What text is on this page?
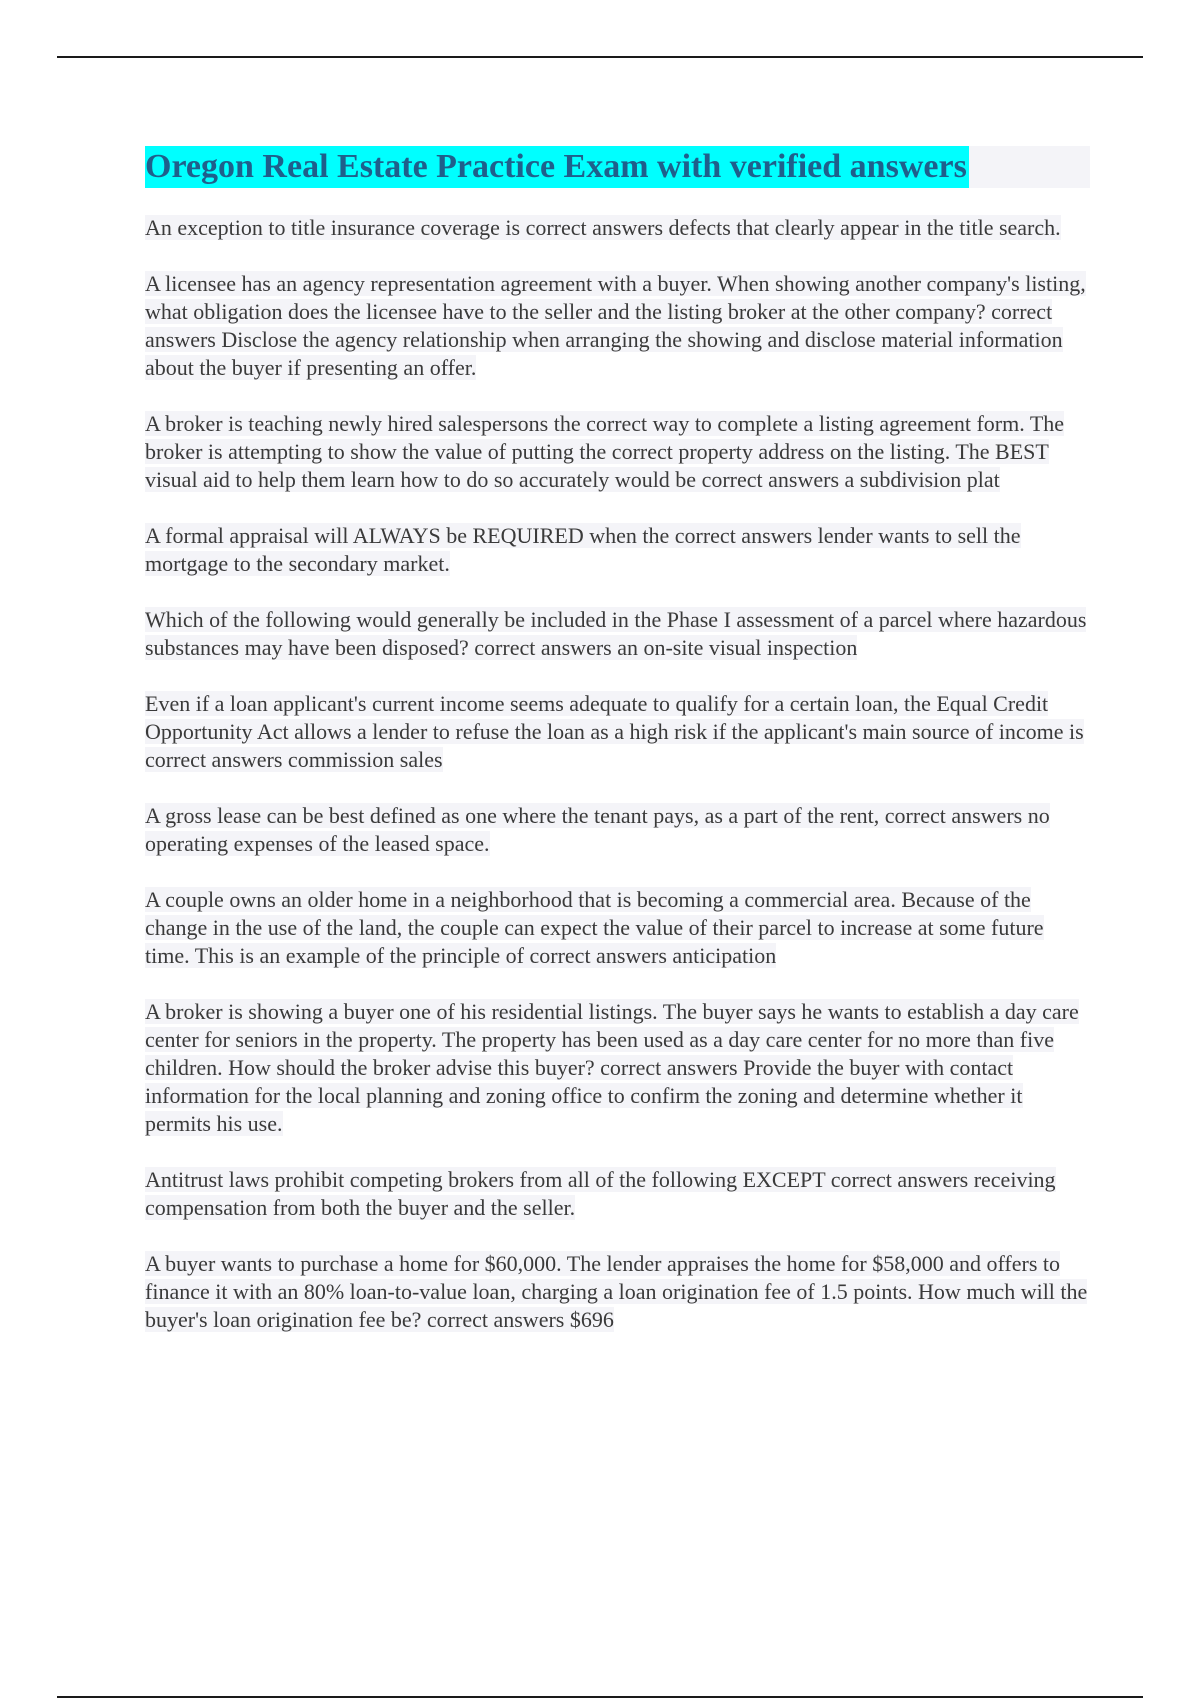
Oregon Real Estate Practice Exam with verified answers

An exception to title insurance coverage is correct answers defects that clearly appear in the title search.

A licensee has an agency representation agreement with a buyer. When showing another company's listing, what obligation does the licensee have to the seller and the listing broker at the other company? correct answers Disclose the agency relationship when arranging the showing and disclose material information about the buyer if presenting an offer.

A broker is teaching newly hired salespersons the correct way to complete a listing agreement form. The broker is attempting to show the value of putting the correct property address on the listing. The BEST visual aid to help them learn how to do so accurately would be correct answers a subdivision plat

A formal appraisal will ALWAYS be REQUIRED when the correct answers lender wants to sell the mortgage to the secondary market.

Which of the following would generally be included in the Phase I assessment of a parcel where hazardous substances may have been disposed? correct answers an on-site visual inspection

Even if a loan applicant's current income seems adequate to qualify for a certain loan, the Equal Credit Opportunity Act allows a lender to refuse the loan as a high risk if the applicant's main source of income is correct answers commission sales

A gross lease can be best defined as one where the tenant pays, as a part of the rent, correct answers no operating expenses of the leased space.

A couple owns an older home in a neighborhood that is becoming a commercial area. Because of the change in the use of the land, the couple can expect the value of their parcel to increase at some future time. This is an example of the principle of correct answers anticipation

A broker is showing a buyer one of his residential listings. The buyer says he wants to establish a day care center for seniors in the property. The property has been used as a day care center for no more than five children. How should the broker advise this buyer? correct answers Provide the buyer with contact information for the local planning and zoning office to confirm the zoning and determine whether it permits his use.

Antitrust laws prohibit competing brokers from all of the following EXCEPT correct answers receiving compensation from both the buyer and the seller.

A buyer wants to purchase a home for $60,000. The lender appraises the home for $58,000 and offers to finance it with an 80% loan-to-value loan, charging a loan origination fee of 1.5 points. How much will the buyer's loan origination fee be? correct answers $696
